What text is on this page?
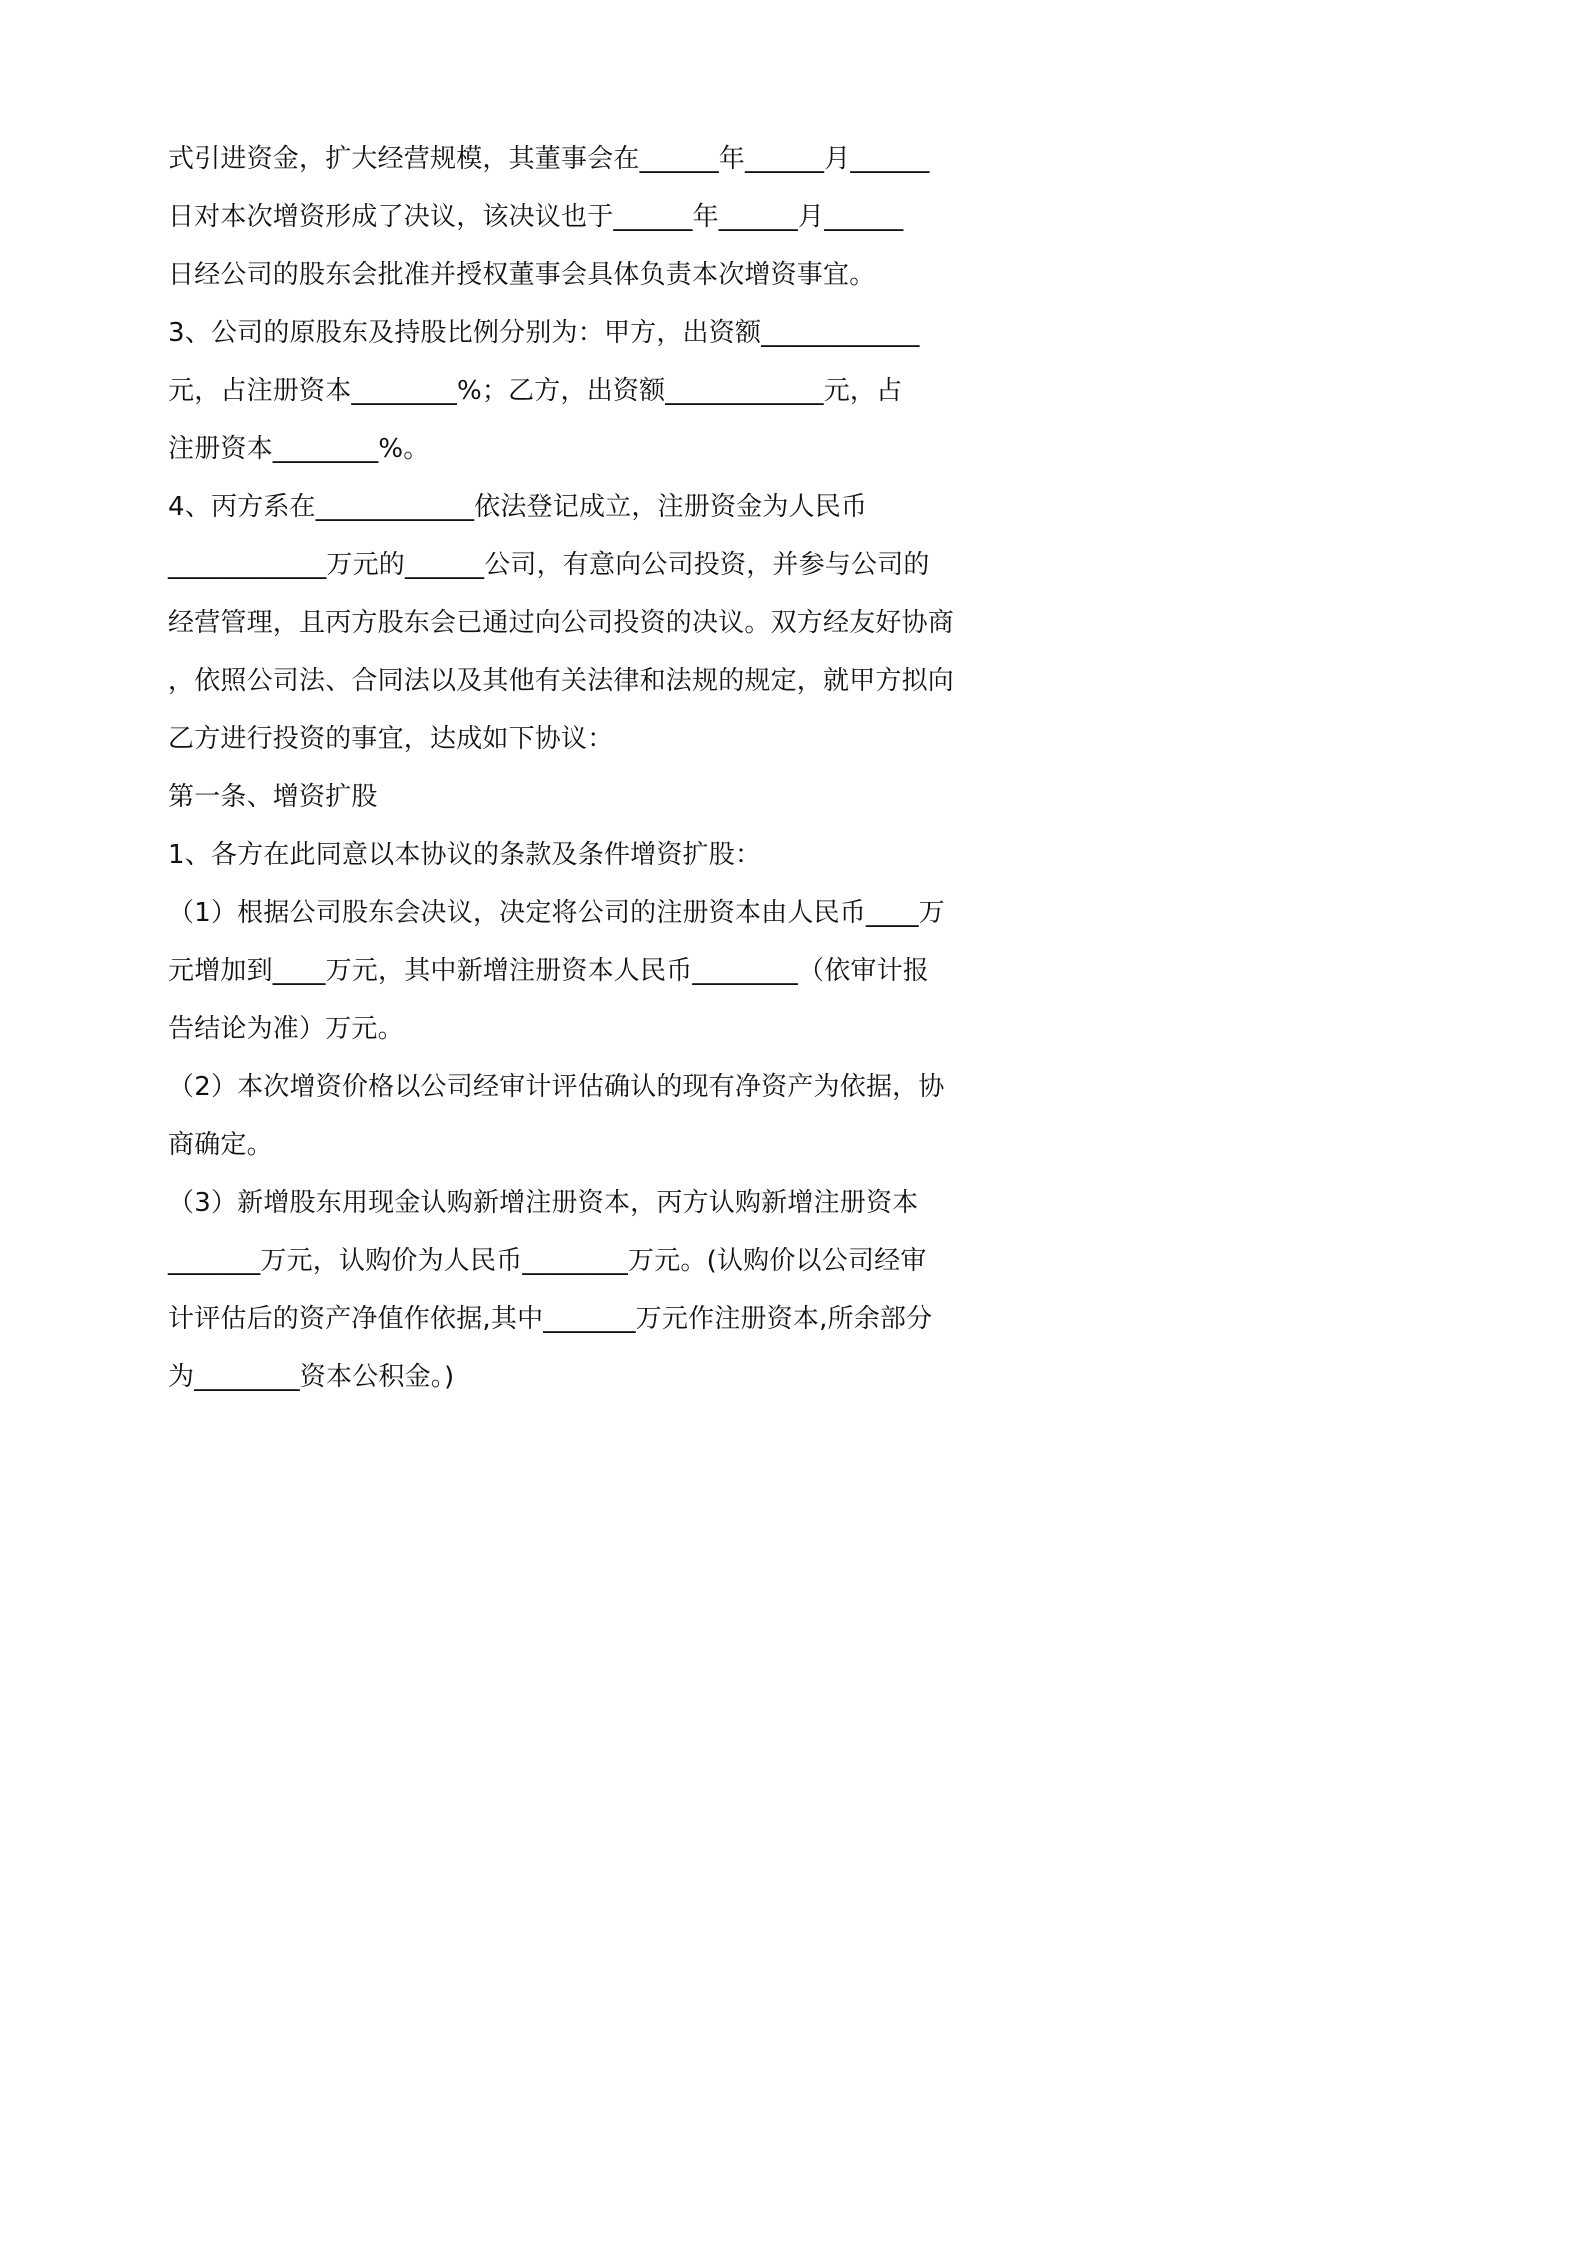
式引进资金，扩大经营规模，其董事会在______年______月______
日对本次增资形成了决议，该决议也于______年______月______
日经公司的股东会批准并授权董事会具体负责本次增资事宜。
3、公司的原股东及持股比例分别为：甲方，出资额____________
元，占注册资本________%；乙方，出资额____________元，占
注册资本________%。
4、丙方系在____________依法登记成立，注册资金为人民币
____________万元的______公司，有意向公司投资，并参与公司的
经营管理，且丙方股东会已通过向公司投资的决议。双方经友好协商
，依照公司法、合同法以及其他有关法律和法规的规定，就甲方拟向
乙方进行投资的事宜，达成如下协议：
第一条、增资扩股
1、各方在此同意以本协议的条款及条件增资扩股：
（1）根据公司股东会决议，决定将公司的注册资本由人民币____万
元增加到____万元，其中新增注册资本人民币________（依审计报
告结论为准）万元。
（2）本次增资价格以公司经审计评估确认的现有净资产为依据，协
商确定。
（3）新增股东用现金认购新增注册资本，丙方认购新增注册资本
_______万元，认购价为人民币________万元。(认购价以公司经审
计评估后的资产净值作依据,其中_______万元作注册资本,所余部分
为________资本公积金。)
